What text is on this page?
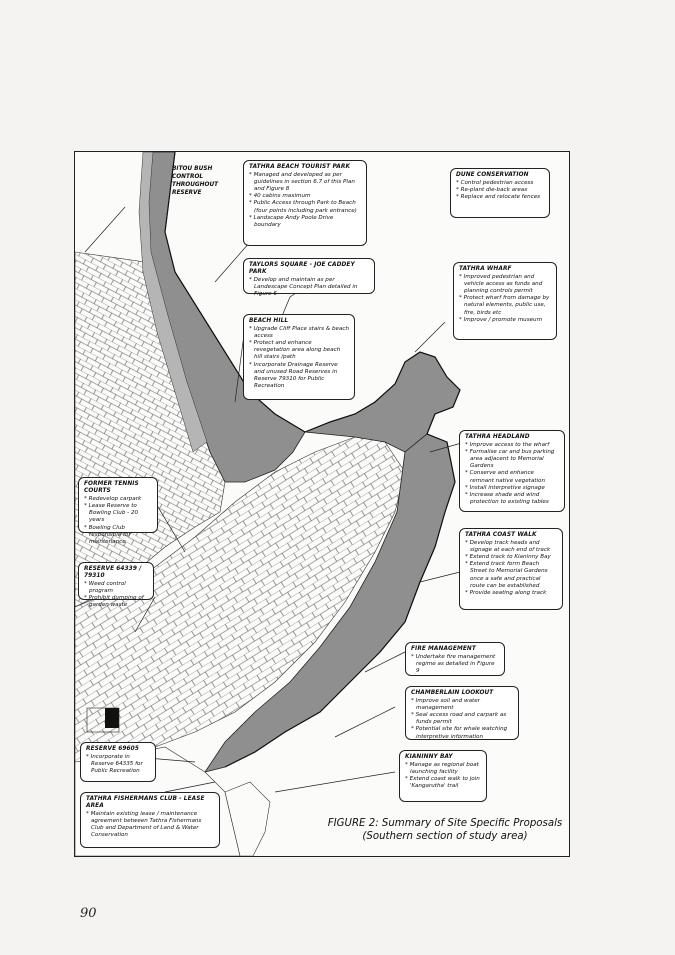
BITOU BUSH
CONTROL
THROUGHOUT
RESERVE
TATHRA BEACH TOURIST PARK
* Managed and developed as per guidelines in section 6.7 of this Plan and Figure 8
* 40 cabins maximum
* Public Access through Park to Beach (four points including park entrance)
* Landscape Andy Poole Drive boundary
DUNE CONSERVATION
* Control pedestrian access
* Re-plant die-back areas
* Replace and relocate fences
TAYLORS SQUARE - JOE CADDEY PARK
* Develop and maintain as per Landescape Concept Plan detailed in Figure 6
TATHRA WHARF
* Improved pedestrian and vehicle access as funds and planning controls permit
* Protect wharf from damage by natural elements, public use, fire, birds etc
* Improve / promote museum
BEACH HILL
* Upgrade Cliff Place stairs & beach access
* Protect and enhance revegetation area along beach hill stairs /path
* Incorporate Drainage Reserve and unused Road Reserves in Reserve 79310 for Public Recreation
TATHRA HEADLAND
* Improve access to the wharf
* Formalise car and bus parking area adjacent to Memorial Gardens
* Conserve and enhance remnant native vegetation
* Install interpretive signage
* Increase shade and wind protection to existing tables
FORMER TENNIS COURTS
* Redevelop carpark
* Lease Reserve to Bowling Club - 20 years
* Bowling Club responsible for maintenance
TATHRA COAST WALK
* Develop track heads and signage at each end of track
* Extend track to Kianinny Bay
* Extend track form Beach Street to Memorial Gardens once a safe and practical route can be established
* Provide seating along track
RESERVE 64339 / 79310
* Weed control program
* Prohibit dumping of garden waste
FIRE MANAGEMENT
* Undertake fire management regime as detailed in Figure 9
CHAMBERLAIN LOOKOUT
* Improve soil and water management
* Seal access road and carpark as funds permit
* Potential site for whale watching interpretive information
RESERVE 69605
* Incorporate in Reserve 64335 for Public Recreation
KIANINNY BAY
* Manage as regional boat launching facility
* Extend coast walk to join 'Kangarutha' trail
TATHRA FISHERMANS CLUB - LEASE AREA
* Maintain existing lease / maintenance agreement between Tathra Fishermans Club and Department of Land & Water Conservation
FIGURE 2: Summary of Site Specific Proposals
(Southern section of study area)
90
